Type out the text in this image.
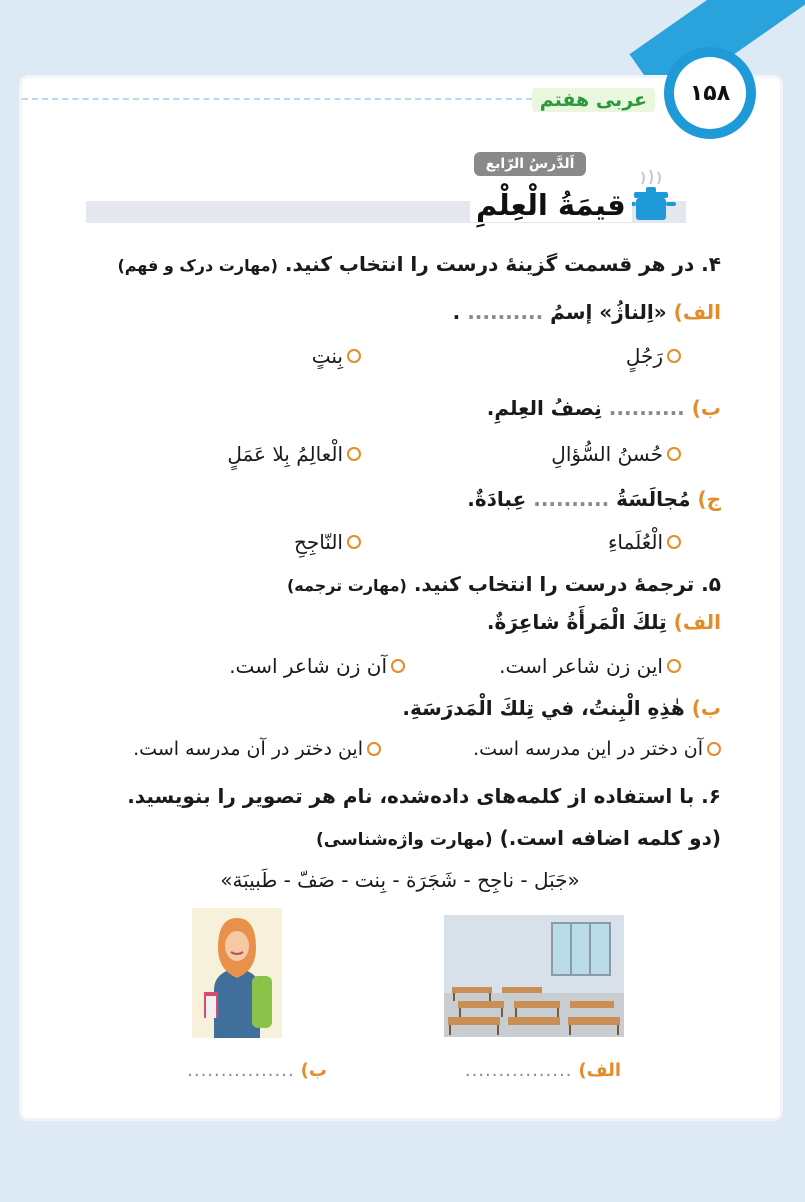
۱۵۸
عربی هفتم
اَلدَّرسُ الرّابع
قیمَةُ الْعِلْمِ
۴. در هر قسمت گزینهٔ درست را انتخاب کنید. (مهارت درک و فهم)
الف) «اِلناژُ» إسمُ .......... .
رَجُلٍ
بِنتٍ
ب) .......... نِصفُ العِلمِ.
حُسنُ السُّؤالِ
الْعالِمُ بِلا عَمَلٍ
ج) مُجالَسَةُ .......... عِبادَةٌ.
الْعُلَماءِ
النّاجِحِ
۵. ترجمهٔ درست را انتخاب کنید. (مهارت ترجمه)
الف) تِلكَ الْمَرأَةُ شاعِرَةٌ.
این زن شاعر است.
آن زن شاعر است.
ب) هٰذِهِ الْبِنتُ، في تِلكَ الْمَدرَسَةِ.
آن دختر در این مدرسه است.
این دختر در آن مدرسه است.
۶. با استفاده از کلمه‌های داده‌شده، نام هر تصویر را بنویسید.
(دو کلمه اضافه است.) (مهارت واژه‌شناسی)
«جَبَل - ناجِح - شَجَرَة - بِنت - صَفّ - طَبیبَة»
الف)
................
ب)
................
